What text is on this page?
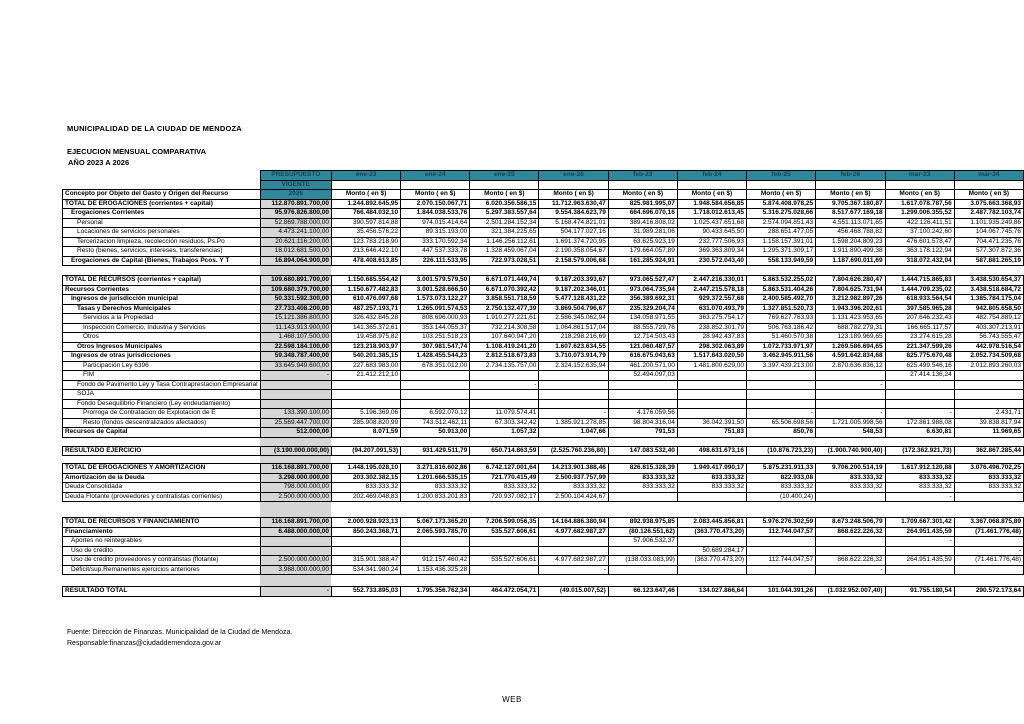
MUNICIPALIDAD DE LA CIUDAD DE MENDOZA
EJECUCION MENSUAL COMPARATIVA
AÑO 2023 A 2026
	PRESUPUESTO	ene-23	ene-24	ene-25	ene-26	feb-23	feb-24	feb-25	feb-26	mar-23	mar-24
	VIGENTE										
Concepto por Objeto del Gasto y Origen del Recurso	2026	Monto ( en $)	Monto ( en $)	Monto ( en $)	Monto ( en $)	Monto ( en $)	Monto ( en $)	Monto ( en $)	Monto ( en $)	Monto ( en $)	Monto ( en $)
TOTAL DE EROGACIONES (corrientes + capital)	112.870.891.700,00	1.244.892.645,95	2.070.150.067,71	6.020.356.586,15	11.712.963.630,47	825.981.995,07	1.948.584.656,85	5.874.408.978,25	9.705.367.180,87	1.617.078.787,56	3.075.663.368,93
Erogaciones Corrientes	95.976.826.800,00	766.484.032,10	1.844.038.533,76	5.297.383.557,64	9.554.384.623,79	664.696.070,16	1.718.012.613,45	5.316.275.028,66	8.517.677.169,18	1.299.006.355,52	2.487.782.103,74
Personal	52.869.788.000,00	390.597.814,88	974.015.414,64	2.501.284.152,34	5.168.474.821,01	389.416.808,02	1.025.437.651,68	2.574.094.851,43	4.551.113.071,65	422.126.411,51	1.101.935.249,86
Locaciones de servicios personales	4.473.241.100,00	35.456.576,22	89.315.193,00	321.384.225,65	504.177.027,16	31.989.281,06	90.433.645,50	288.651.477,05	456.468.788,82	37.100.242,60	104.067.745,76
Tercerizacion limpieza, recolección residuos, Ps.Po	20.621.116.200,00	123.783.218,90	333.170.592,34	1.146.256.112,61	1.691.374.720,95	63.625.923,19	232.777.506,93	1.158.157.391,01	1.598.204.809,23	476.601.578,47	704.471.235,76
Resto (bienes, servicios, intereses, transferencias)	18.012.681.500,00	213.646.422,10	447.537.333,78	1.328.459.067,04	2.190.358.054,67	179.664.057,89	369.363.809,34	1.295.371.309,17	1.911.890.499,38	363.178.122,94	577.307.872,36
Erogaciones de Capital (Bienes, Trabajos Pcos. Y T	16.894.064.900,00	478.408.613,85	226.111.533,95	722.973.028,51	2.158.579.006,68	161.285.924,91	230.572.043,40	558.133.949,59	1.187.690.011,69	318.072.432,04	587.881.265,19

TOTAL DE RECURSOS (corrientes + capital)	109.680.891.700,00	1.150.685.554,42	3.001.579.579,50	6.671.071.449,74	9.187.203.393,67	973.065.527,47	2.447.216.330,01	5.863.532.255,02	7.804.626.280,47	1.444.715.865,83	3.438.530.654,37
Recursos Corrientes	109.680.379.700,00	1.150.677.482,83	3.001.528.666,50	6.671.070.392,42	9.187.202.346,01	973.064.735,94	2.447.215.578,18	5.863.531.404,26	7.804.625.731,94	1.444.709.235,02	3.438.518.684,72
Ingresos de jurisdicción municipal	50.331.592.300,00	610.476.097,68	1.573.073.122,27	3.858.551.718,59	5.477.128.431,22	356.389.692,31	929.372.557,68	2.400.585.492,70	3.212.982.897,26	618.933.564,54	1.385.784.175,04
Tasas y Derechos Municipales	27.733.408.200,00	487.257.193,71	1.265.091.574,53	2.750.132.477,39	3.869.504.796,67	235.329.204,74	631.070.493,79	1.327.851.520,73	1.943.396.202,61	397.585.965,28	942.805.658,50
Servicios a la Propiedad	15.121.386.800,00	326.432.845,28	808.696.000,93	1.910.277.221,61	2.586.345.062,94	134.058.971,55	363.275.754,17	769.627.763,93	1.131.423.953,65	207.646.232,43	482.754.889,12
Inspección Comercio, Industria y Servicios	11.143.913.900,00	141.365.372,61	353.144.055,37	732.214.308,58	1.064.861.517,04	88.555.729,76	238.852.301,79	506.763.186,42	688.782.279,31	166.665.117,57	403.307.213,91
Otros	1.468.107.500,00	19.458.975,82	103.251.518,23	107.640.947,20	218.298.216,69	12.714.503,43	28.942.437,83	51.460.570,38	123.189.969,65	23.274.615,28	56.743.555,47
Otros Ingresos Municipales	22.598.184.100,00	123.218.903,97	307.981.547,74	1.108.419.241,20	1.607.623.634,55	121.060.487,57	298.302.063,89	1.072.733.971,97	1.269.586.694,65	221.347.599,26	442.978.516,54
Ingresos de otras jurisdicciones	59.348.787.400,00	540.201.385,15	1.428.455.544,23	2.812.518.673,83	3.710.073.914,79	616.675.043,63	1.517.843.020,50	3.462.945.911,56	4.591.642.834,68	825.775.670,48	2.052.734.509,68
Participación Ley 6396	33.645.949.600,00	227.683.983,00	678.351.012,00	2.734.135.757,00	2.324.152.635,94	461.200.571,00	1.481.800.629,00	3.397.439.213,00	2.870.636.836,12	625.499.546,16	2.012.893.260,03
FIM	-	21.412.212,10				52.494.097,03				27.414.136,24	
Fondo de Pavimento Ley y Tasa Contraprestacion Empresarial				-					-		
SOJA											
Fondo Desequilibrio Financiero (Ley endeudamiento)											
Prorroga de Contratacion de Explotacion de E	133.390.100,00	5.196.369,06	6.592.070,12	11.079.574,41	-	4.176.059,56		-	-	-	2.431,71
Resto (fondos descentralizados afectados)	25.569.447.700,00	285.908.820,99	743.512.462,11	67.303.342,42	1.385.921.278,85	98.804.316,04	36.042.391,50	65.506.698,56	1.721.005.998,56	172.861.988,08	39.838.817,94
Recursos de Capital	512.000,00	8.071,59	50.913,00	1.057,32	1.047,66	791,53	751,83	850,76	548,53	6.630,81	11.969,65

RESULTADO EJERCICIO	(3.190.000.000,00)	(94.207.091,53)	931.429.511,79	650.714.863,59	(2.525.760.236,80)	147.083.532,40	498.631.673,16	(10.876.723,23)	(1.900.740.900,40)	(172.362.921,73)	362.867.285,44

TOTAL DE EROGACIONES Y AMORTIZACIÓN	116.168.891.700,00	1.448.195.028,10	3.271.816.602,86	6.742.127.001,64	14.213.901.388,46	826.815.328,39	1.949.417.990,17	5.875.231.911,33	9.706.200.514,19	1.617.912.120,88	3.076.496.702,25
Amortización de la Deuda	3.298.000.000,00	203.302.382,15	1.201.666.535,15	721.770.415,49	2.500.937.757,99	833.333,32	833.333,32	822.933,08	833.333,32	833.333,32	833.333,32
Deuda Consolidada	798.000.000,00	833.333,32	833.333,32	833.333,32	833.333,32	833.333,32	833.333,32	833.333,32	833.333,32	833.333,32	833.333,32
Deuda Flotante (proveedores y contratistas corrientes)	2.500.000.000,00	202.469.048,83	1.200.833.201,83	720.937.082,17	2.500.104.424,67			(10.400,24)		-	

TOTAL DE RECURSOS Y FINANCIAMIENTO	116.168.891.700,00	2.000.928.923,13	5.067.173.365,20	7.206.599.056,35	14.164.886.380,94	892.938.975,85	2.083.445.856,81	5.976.276.302,59	8.673.248.506,79	1.709.667.301,42	3.367.068.875,89
Financiamiento	6.488.000.000,00	850.243.368,71	2.065.593.785,70	535.527.606,61	4.977.682.987,27	(80.126.551,62)	(363.770.473,20)	112.744.047,57	868.622.226,32	264.951.435,59	(71.461.776,48)
Aportes no reintegrables						57.906.532,37				-	
Uso de crédito							50.689.284,17				-
Uso de crédito proveedores y contratistas (flotante)	2.500.000.000,00	315.901.388,47	912.157.460,42	535.527.606,61	4.977.682.987,27	(138.033.083,99)	(363.770.473,20)	112.744.047,57	868.622.226,32	264.951.435,59	(71.461.776,48)
Déficit/sup.Remanentes ejercicios anteriores	3.988.000.000,00	534.341.980,24	1.153.436.325,28		-				-		

RESULTADO TOTAL	-	552.733.895,03	1.795.356.762,34	464.472.054,71	(49.015.007,52)	66.123.647,46	134.027.866,64	101.044.391,26	(1.032.952.007,40)	91.755.180,54	290.572.173,64
Fuente: Dirección de Finanzas. Municipalidad de la Ciudad de Mendoza.
Responsable:finanzas@ciudaddemendoza.gov.ar
WEB
